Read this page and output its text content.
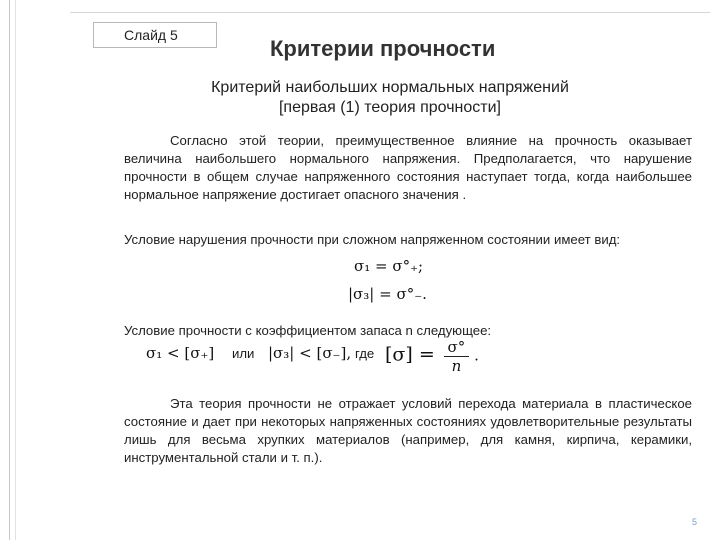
Слайд 5
Критерии прочности
Критерий наибольших нормальных напряжений
[первая (1) теория прочности]
Согласно этой теории, преимущественное влияние на прочность оказывает величина наибольшего нормального напряжения. Предполагается, что нарушение прочности в общем случае напряженного состояния наступает тогда, когда наибольшее нормальное напряжение достигает опасного значения .
Условие нарушения прочности при сложном напряженном состоянии имеет вид:
σ₁ = σ°₊;
|σ₃| = σ°₋.
Условие прочности с коэффициентом запаса n следующее:
σ₁ < [σ₊] или |σ₃| < [σ₋], где $[\sigma] = \frac{\sigma^\circ}{n}$ .
Эта теория прочности не отражает условий перехода материала в пластическое состояние и дает при некоторых напряженных состояниях удовлетворительные результаты лишь для весьма хрупких материалов (например, для камня, кирпича, керамики, инструментальной стали и т. п.).
5
